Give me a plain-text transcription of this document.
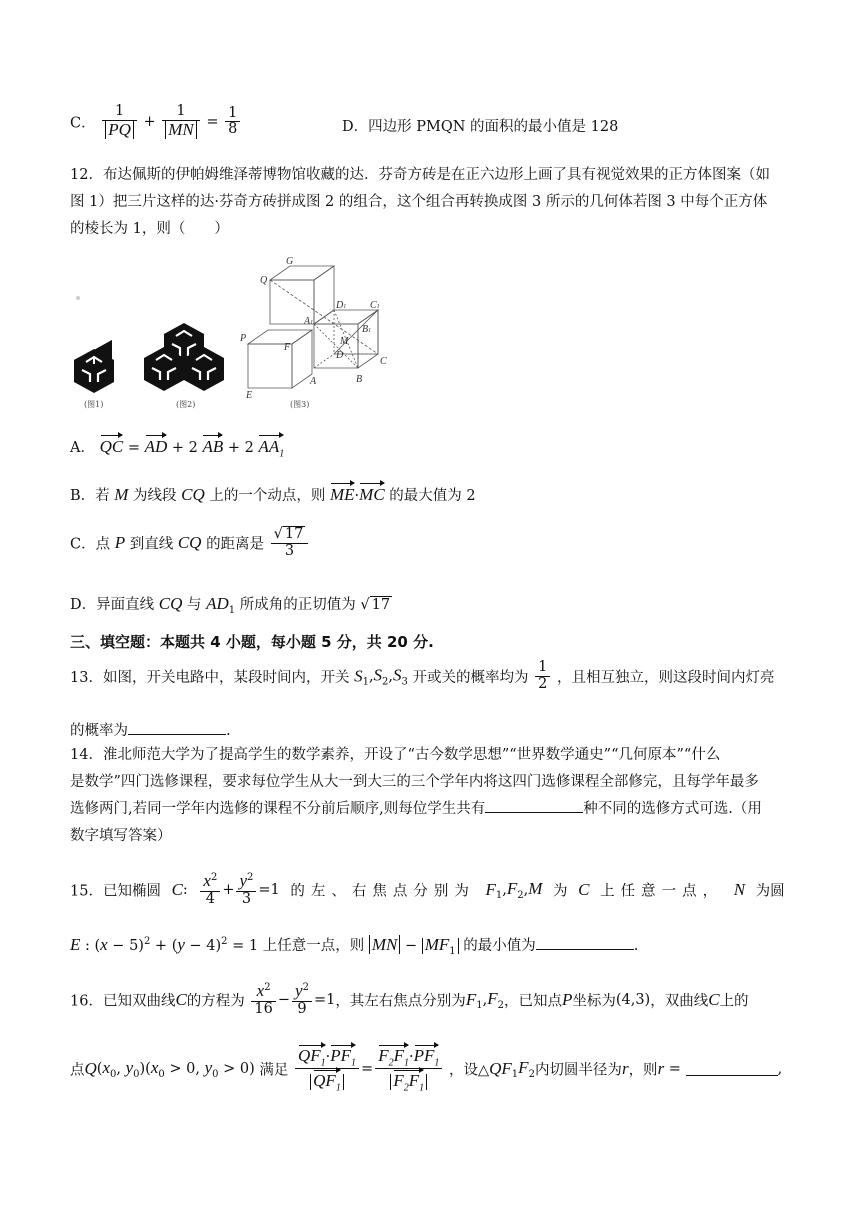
C． $\frac{1}{PQ} + \frac{1}{MN} = \frac{1}{8}$	D．四边形 PMQN 的面积的最小值是 128
12．布达佩斯的伊帕姆维泽蒂博物馆收藏的达．芬奇方砖是在正六边形上画了具有视觉效果的正方体图案（如
图 1）把三片这样的达·芬奇方砖拼成图 2 的组合，这个组合再转换成图 3 所示的几何体若图 3 中每个正方体
的棱长为 1，则（　　）
(图1)	(图2)
G
Q
D1 C1
A1
B1
P
F
M
D
C
E
A	B
(图3)
A． QC = AD + 2 AB + 2 $AA_1$
B．若 M 为线段 CQ 上的一个动点，则 ME·MC 的最大值为 2
C．点 P 到直线 CQ 的距离是 $\frac{√ 17}{3}$
D．异面直线 CQ 与 $AD_1$ 所成角的正切值为 √ 17
三、填空题：本题共 4 小题，每小题 5 分，共 20 分.
13．如图，开关电路中，某段时间内，开关 $S_1,S_2,S_3$ 开或关的概率均为 $\frac{1}{2}$ ，且相互独立，则这段时间内灯亮
的概率为	.
14．淮北师范大学为了提高学生的数学素养，开设了“古今数学思想”“世界数学通史”“几何原本”“什么
是数学”四门选修课程，要求每位学生从大一到大三的三个学年内将这四门选修课程全部修完，且每学年最多
选修两门,若同一学年内选修的课程不分前后顺序,则每位学生共有	种不同的选修方式可选.（用
数字填写答案）
15．已知椭圆 C: $\frac{x^2}{4} + \frac{y^2}{3} =1$ 的左、右焦点分别为 $F_1,F_2,M$ 为 C 上任意一点， N 为圆
E : $(x - 5)^2 + (y - 4)^2 = 1$ 上任意一点，则 MN − $MF_1$ 的最小值为	.
16．已知双曲线C的方程为 $\frac{x^2}{16} - \frac{y^2}{9} =1$，其左右焦点分别为$F_1,F_2$，已知点P坐标为(4,3)，双曲线C上的
点$Q(x_0$, $y_0)(x_0 > 0$, $y_0 > 0$) 满足 $\frac{QF_1\cdot PF_1}{QF_1} = \frac{F_2F_1\cdot PF_1}{F_2F_1}$ ，设$\triangle QF_1F_2$内切圆半径为r，则r =	,
